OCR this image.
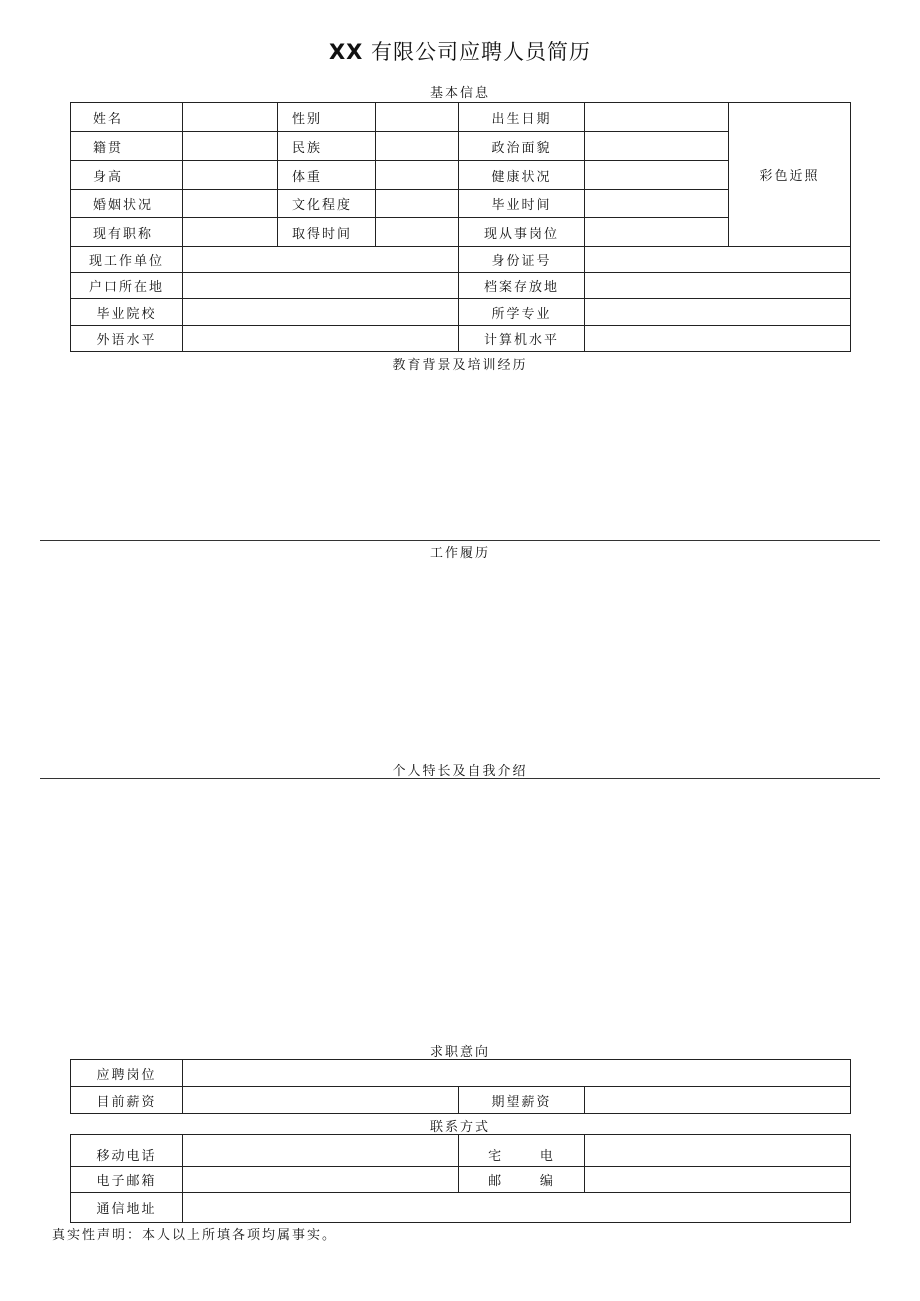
XX 有限公司应聘人员简历
基本信息
姓名		性别		出生日期		彩色近照
籍贯		民族		政治面貌		
身高		体重		健康状况		
婚姻状况		文化程度		毕业时间		
现有职称		取得时间		现从事岗位		
现工作单位				身份证号		
户口所在地				档案存放地		
毕业院校				所学专业		
外语水平				计算机水平		
教育背景及培训经历
工作履历
个人特长及自我介绍
求职意向
应聘岗位			
目前薪资		期望薪资	
联系方式
移动电话		宅      电	
电子邮箱		邮      编	
通信地址			
真实性声明：本人以上所填各项均属事实。
